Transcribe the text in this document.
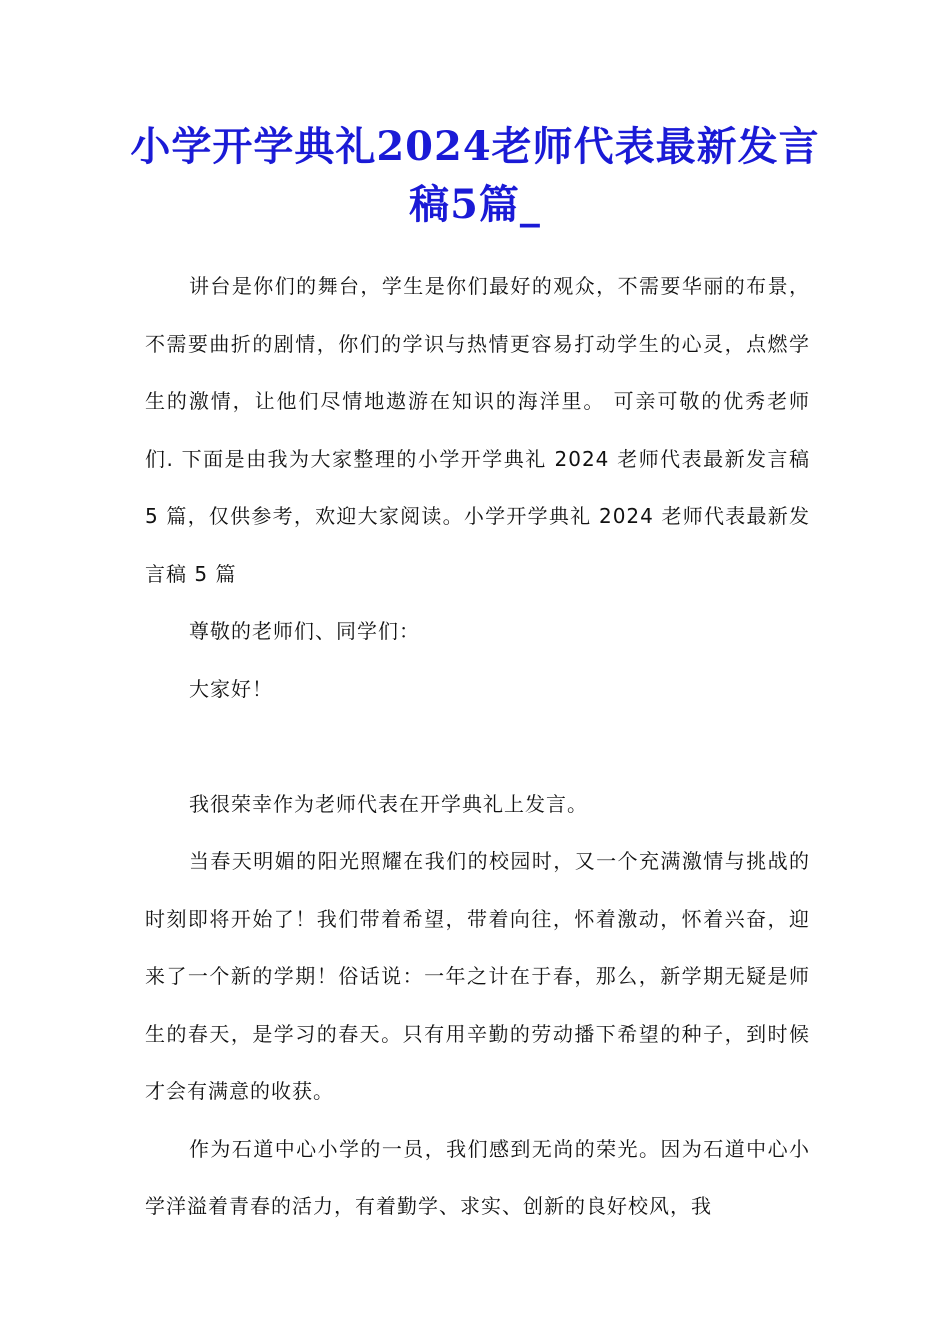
小学开学典礼2024老师代表最新发言稿5篇_

讲台是你们的舞台，学生是你们最好的观众，不需要华丽的布景，不需要曲折的剧情，你们的学识与热情更容易打动学生的心灵，点燃学生的激情，让他们尽情地遨游在知识的海洋里。 可亲可敬的优秀老师们. 下面是由我为大家整理的小学开学典礼 2024 老师代表最新发言稿 5 篇，仅供参考，欢迎大家阅读。小学开学典礼 2024 老师代表最新发言稿 5 篇

尊敬的老师们、同学们：

大家好！

我很荣幸作为老师代表在开学典礼上发言。

当春天明媚的阳光照耀在我们的校园时，又一个充满激情与挑战的时刻即将开始了！我们带着希望，带着向往，怀着激动，怀着兴奋，迎来了一个新的学期！俗话说：一年之计在于春，那么，新学期无疑是师生的春天，是学习的春天。只有用辛勤的劳动播下希望的种子，到时候才会有满意的收获。

作为石道中心小学的一员，我们感到无尚的荣光。因为石道中心小学洋溢着青春的活力，有着勤学、求实、创新的良好校风，我
